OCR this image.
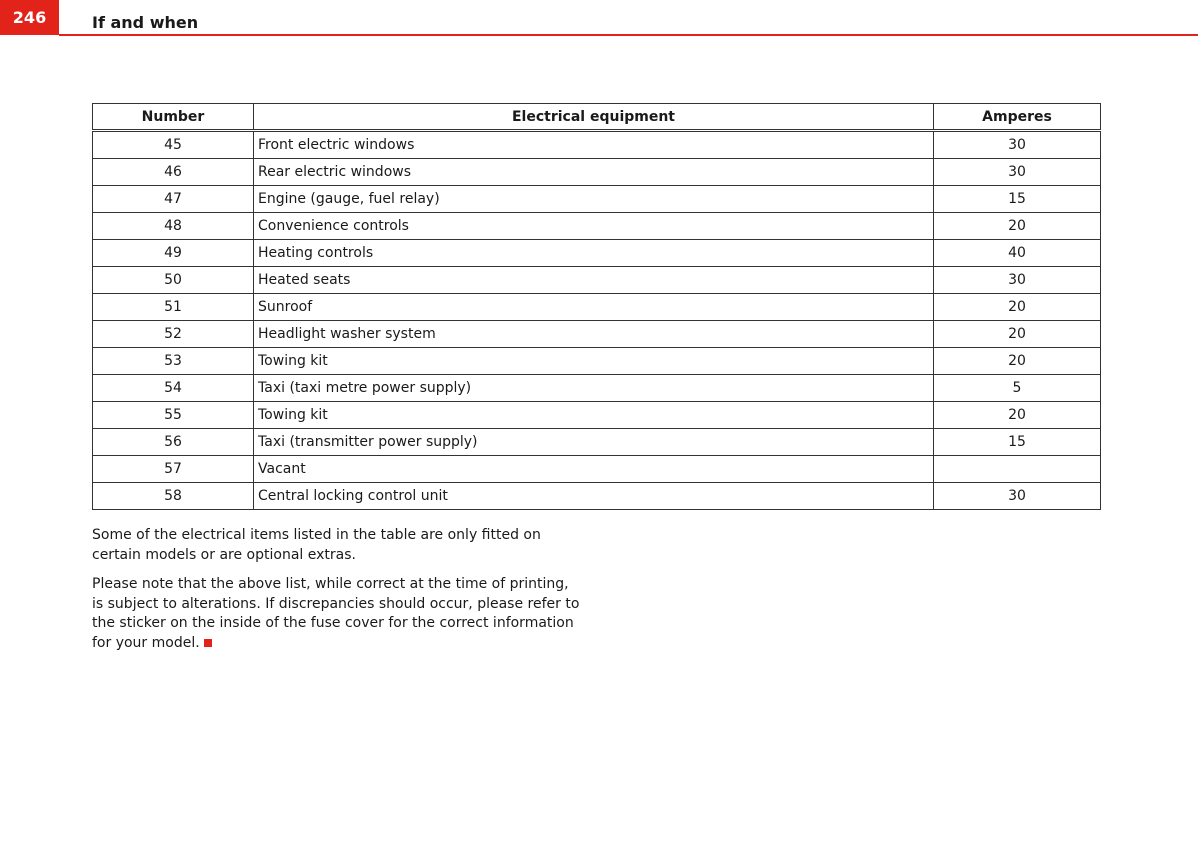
246	If and when
Number	Electrical equipment	Amperes
45	Front electric windows	30
46	Rear electric windows	30
47	Engine (gauge, fuel relay)	15
48	Convenience controls	20
49	Heating controls	40
50	Heated seats	30
51	Sunroof	20
52	Headlight washer system	20
53	Towing kit	20
54	Taxi (taxi metre power supply)	5
55	Towing kit	20
56	Taxi (transmitter power supply)	15
57	Vacant	
58	Central locking control unit	30

Some of the electrical items listed in the table are only fitted on certain models or are optional extras.

Please note that the above list, while correct at the time of printing, is subject to alterations. If discrepancies should occur, please refer to the sticker on the inside of the fuse cover for the correct information for your model.
